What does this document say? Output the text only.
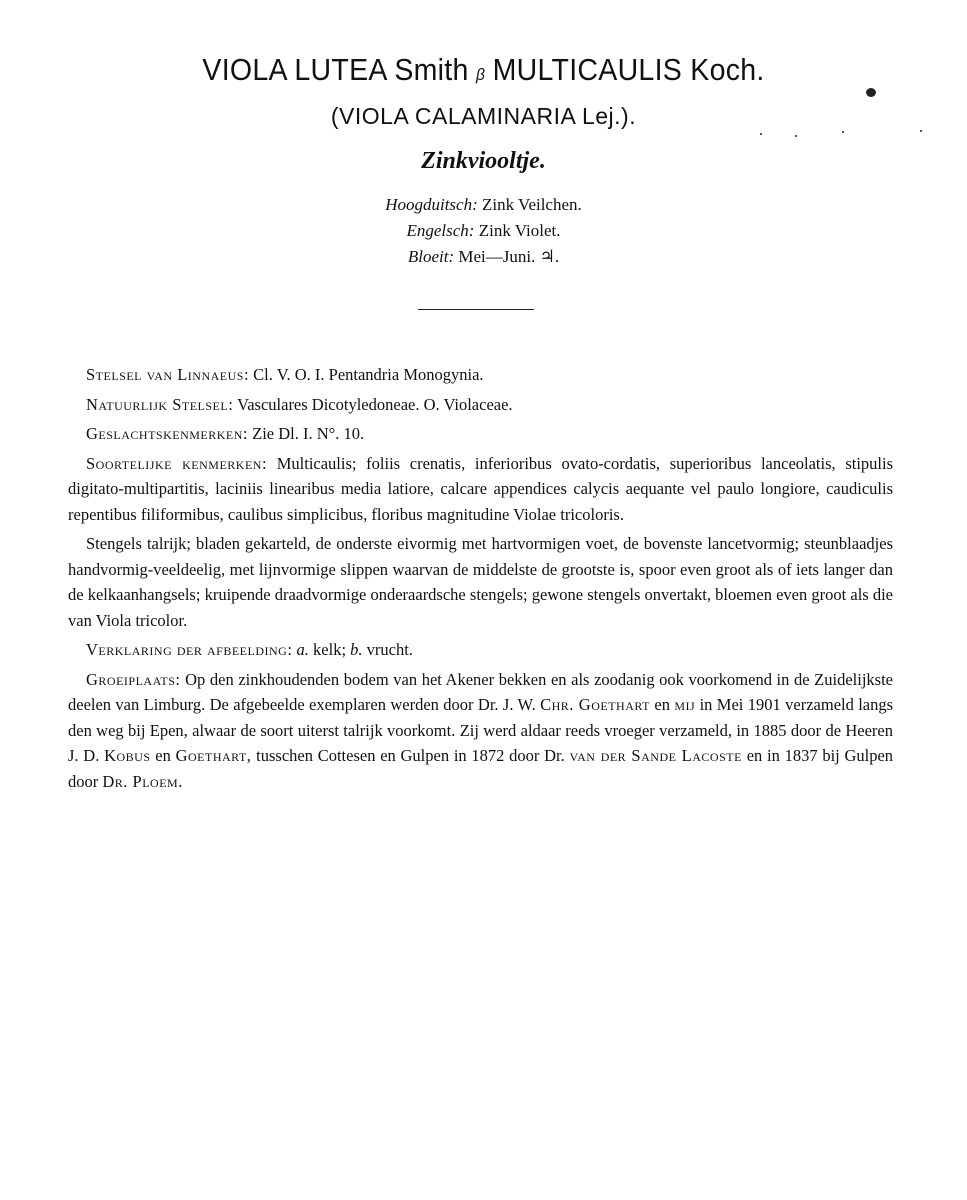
VIOLA LUTEA Smith β MULTICAULIS Koch.
(VIOLA CALAMINARIA Lej.).
Zinkviooltje.
Hoogduitsch: Zink Veilchen.
Engelsch: Zink Violet.
Bloeit: Mei—Juni. ♃.

Stelsel van Linnaeus: Cl. V. O. I. Pentandria Monogynia.

Natuurlijk Stelsel: Vasculares Dicotyledoneae. O. Violaceae.

Geslachtskenmerken: Zie Dl. I. N°. 10.

Soortelijke kenmerken: Multicaulis; foliis crenatis, inferioribus ovato-cordatis, superioribus lanceolatis, stipulis digitato-multipartitis, laciniis linearibus media latiore, calcare appendices calycis aequante vel paulo longiore, caudiculis repentibus filiformibus, caulibus simplicibus, floribus magnitudine Violae tricoloris.

Stengels talrijk; bladen gekarteld, de onderste eivormig met hartvormigen voet, de bovenste lancetvormig; steunblaadjes handvormig-veeldeelig, met lijnvormige slippen waarvan de middelste de grootste is, spoor even groot als of iets langer dan de kelkaanhangsels; kruipende draadvormige onderaardsche stengels; gewone stengels onvertakt, bloemen even groot als die van Viola tricolor.

Verklaring der afbeelding: a. kelk; b. vrucht.

Groeiplaats: Op den zinkhoudenden bodem van het Akener bekken en als zoodanig ook voorkomend in de Zuidelijkste deelen van Limburg. De afgebeelde exemplaren werden door Dr. J. W. Chr. Goethart en mij in Mei 1901 verzameld langs den weg bij Epen, alwaar de soort uiterst talrijk voorkomt. Zij werd aldaar reeds vroeger verzameld, in 1885 door de Heeren J. D. Kobus en Goethart, tusschen Cottesen en Gulpen in 1872 door Dr. van der Sande Lacoste en in 1837 bij Gulpen door Dr. Ploem.
